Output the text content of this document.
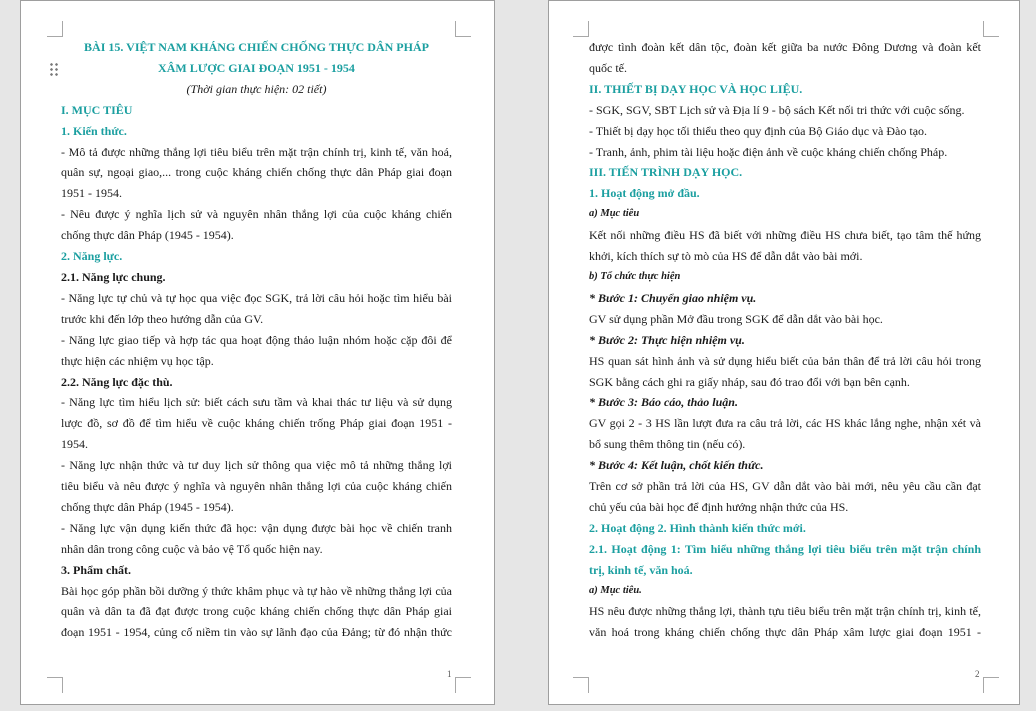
BÀI 15. VIỆT NAM KHÁNG CHIẾN CHỐNG THỰC DÂN PHÁP

XÂM LƯỢC GIAI ĐOẠN 1951 - 1954

(Thời gian thực hiện: 02 tiết)

I. MỤC TIÊU

1. Kiến thức.

- Mô tả được những thắng lợi tiêu biểu trên mặt trận chính trị, kinh tế, văn hoá,

quân sự, ngoại giao,... trong cuộc kháng chiến chống thực dân Pháp giai đoạn

1951 - 1954.

- Nêu được ý nghĩa lịch sử và nguyên nhân thắng lợi của cuộc kháng chiến

chống thực dân Pháp (1945 - 1954).

2. Năng lực.

2.1. Năng lực chung.

- Năng lực tự chủ và tự học qua việc đọc SGK, trả lời câu hỏi hoặc tìm hiểu bài

trước khi đến lớp theo hướng dẫn của GV.

- Năng lực giao tiếp và hợp tác qua hoạt động thảo luận nhóm hoặc cặp đôi để

thực hiện các nhiệm vụ học tập.

2.2. Năng lực đặc thù.

- Năng lực tìm hiểu lịch sử: biết cách sưu tầm và khai thác tư liệu và sử dụng

lược đồ, sơ đồ để tìm hiểu về cuộc kháng chiến trống Pháp giai đoạn 1951 -

1954.

- Năng lực nhận thức và tư duy lịch sử thông qua việc mô tả những thắng lợi

tiêu biểu và nêu được ý nghĩa và nguyên nhân thắng lợi của cuộc kháng chiến

chống thực dân Pháp (1945 - 1954).

- Năng lực vận dụng kiến thức đã học: vận dụng được bài học về chiến tranh

nhân dân trong công cuộc và bảo vệ Tổ quốc hiện nay.

3. Phẩm chất.

Bài học góp phần bồi dưỡng ý thức khâm phục và tự hào về những thắng lợi của

quân và dân ta đã đạt được trong cuộc kháng chiến chống thực dân Pháp giai

đoạn 1951 - 1954, củng cố niềm tin vào sự lãnh đạo của Đảng; từ đó nhận thức

1

được tình đoàn kết dân tộc, đoàn kết giữa ba nước Đông Dương và đoàn kết

quốc tế.

II. THIẾT BỊ DẠY HỌC VÀ HỌC LIỆU.

- SGK, SGV, SBT Lịch sử và Địa lí 9 - bộ sách Kết nối tri thức với cuộc sống.

- Thiết bị dạy học tối thiểu theo quy định của Bộ Giáo dục và Đào tạo.

- Tranh, ảnh, phim tài liệu hoặc điện ảnh về cuộc kháng chiến chống Pháp.

III. TIẾN TRÌNH DẠY HỌC.

1. Hoạt động mở đầu.

a) Mục tiêu

Kết nối những điều HS đã biết với những điều HS chưa biết, tạo tâm thế hứng

khởi, kích thích sự tò mò của HS để dẫn dắt vào bài mới.

b) Tổ chức thực hiện

* Bước 1: Chuyển giao nhiệm vụ.

GV sử dụng phần Mở đầu trong SGK để dẫn dắt vào bài học.

* Bước 2: Thực hiện nhiệm vụ.

HS quan sát hình ảnh và sử dụng hiểu biết của bản thân để trả lời câu hỏi trong

SGK bằng cách ghi ra giấy nháp, sau đó trao đổi với bạn bên cạnh.

* Bước 3: Báo cáo, thảo luận.

GV gọi 2 - 3 HS lần lượt đưa ra câu trả lời, các HS khác lắng nghe, nhận xét và

bổ sung thêm thông tin (nếu có).

* Bước 4: Kết luận, chốt kiến thức.

Trên cơ sở phần trả lời của HS, GV dẫn dắt vào bài mới, nêu yêu cầu cần đạt

chủ yếu của bài học để định hướng nhận thức của HS.

2. Hoạt động 2. Hình thành kiến thức mới.

2.1. Hoạt động 1: Tìm hiểu những thắng lợi tiêu biểu trên mặt trận chính

trị, kinh tế, văn hoá.

a) Mục tiêu.

HS nêu được những thắng lợi, thành tựu tiêu biểu trên mặt trận chính trị, kinh tế,

văn hoá trong kháng chiến chống thực dân Pháp xâm lược giai đoạn 1951 -

2
